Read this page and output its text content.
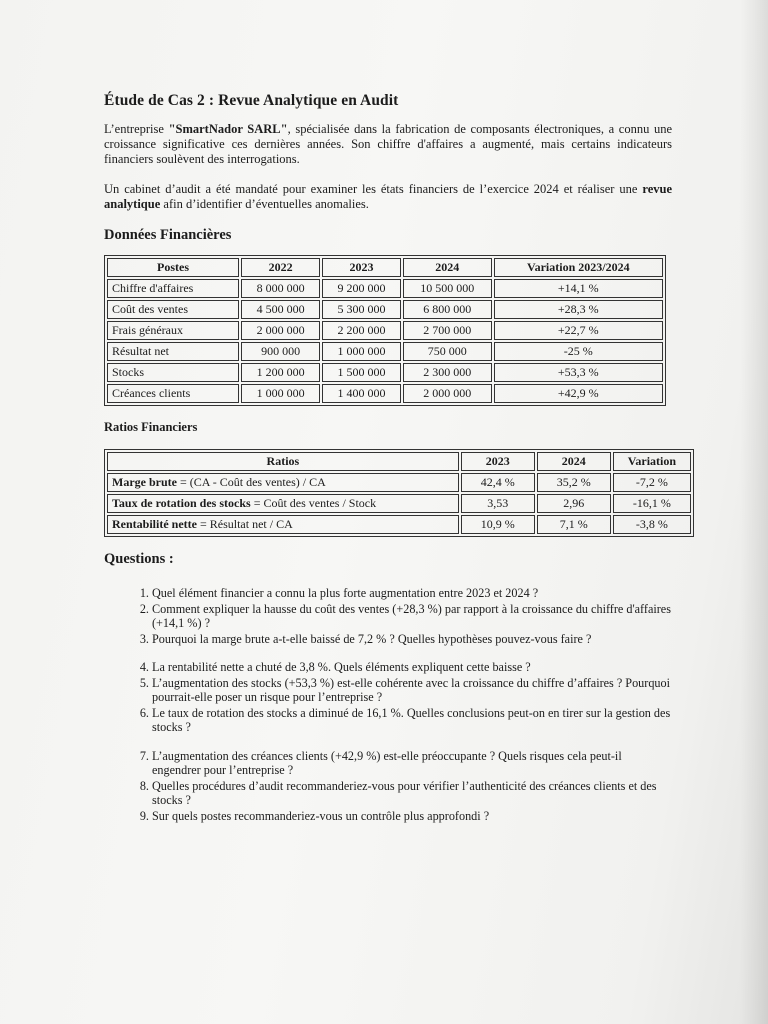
Étude de Cas 2 : Revue Analytique en Audit

L’entreprise "SmartNador SARL", spécialisée dans la fabrication de composants électroniques, a connu une croissance significative ces dernières années. Son chiffre d'affaires a augmenté, mais certains indicateurs financiers soulèvent des interrogations.

Un cabinet d’audit a été mandaté pour examiner les états financiers de l’exercice 2024 et réaliser une revue analytique afin d’identifier d’éventuelles anomalies.

Données Financières
Postes	2022	2023	2024	Variation 2023/2024
Chiffre d'affaires	8 000 000	9 200 000	10 500 000	+14,1 %
Coût des ventes	4 500 000	5 300 000	6 800 000	+28,3 %
Frais généraux	2 000 000	2 200 000	2 700 000	+22,7 %
Résultat net	900 000	1 000 000	750 000	-25 %
Stocks	1 200 000	1 500 000	2 300 000	+53,3 %
Créances clients	1 000 000	1 400 000	2 000 000	+42,9 %
Ratios Financiers
Ratios	2023	2024	Variation
Marge brute = (CA - Coût des ventes) / CA	42,4 %	35,2 %	-7,2 %
Taux de rotation des stocks = Coût des ventes / Stock	3,53	2,96	-16,1 %
Rentabilité nette = Résultat net / CA	10,9 %	7,1 %	-3,8 %
Questions :
1. Quel élément financier a connu la plus forte augmentation entre 2023 et 2024 ?
2. Comment expliquer la hausse du coût des ventes (+28,3 %) par rapport à la croissance du chiffre d'affaires (+14,1 %) ?
3. Pourquoi la marge brute a-t-elle baissé de 7,2 % ? Quelles hypothèses pouvez-vous faire ?
4. La rentabilité nette a chuté de 3,8 %. Quels éléments expliquent cette baisse ?
5. L’augmentation des stocks (+53,3 %) est-elle cohérente avec la croissance du chiffre d’affaires ? Pourquoi pourrait-elle poser un risque pour l’entreprise ?
6. Le taux de rotation des stocks a diminué de 16,1 %. Quelles conclusions peut-on en tirer sur la gestion des stocks ?
7. L’augmentation des créances clients (+42,9 %) est-elle préoccupante ? Quels risques cela peut-il engendrer pour l’entreprise ?
8. Quelles procédures d’audit recommanderiez-vous pour vérifier l’authenticité des créances clients et des stocks ?
9. Sur quels postes recommanderiez-vous un contrôle plus approfondi ?
